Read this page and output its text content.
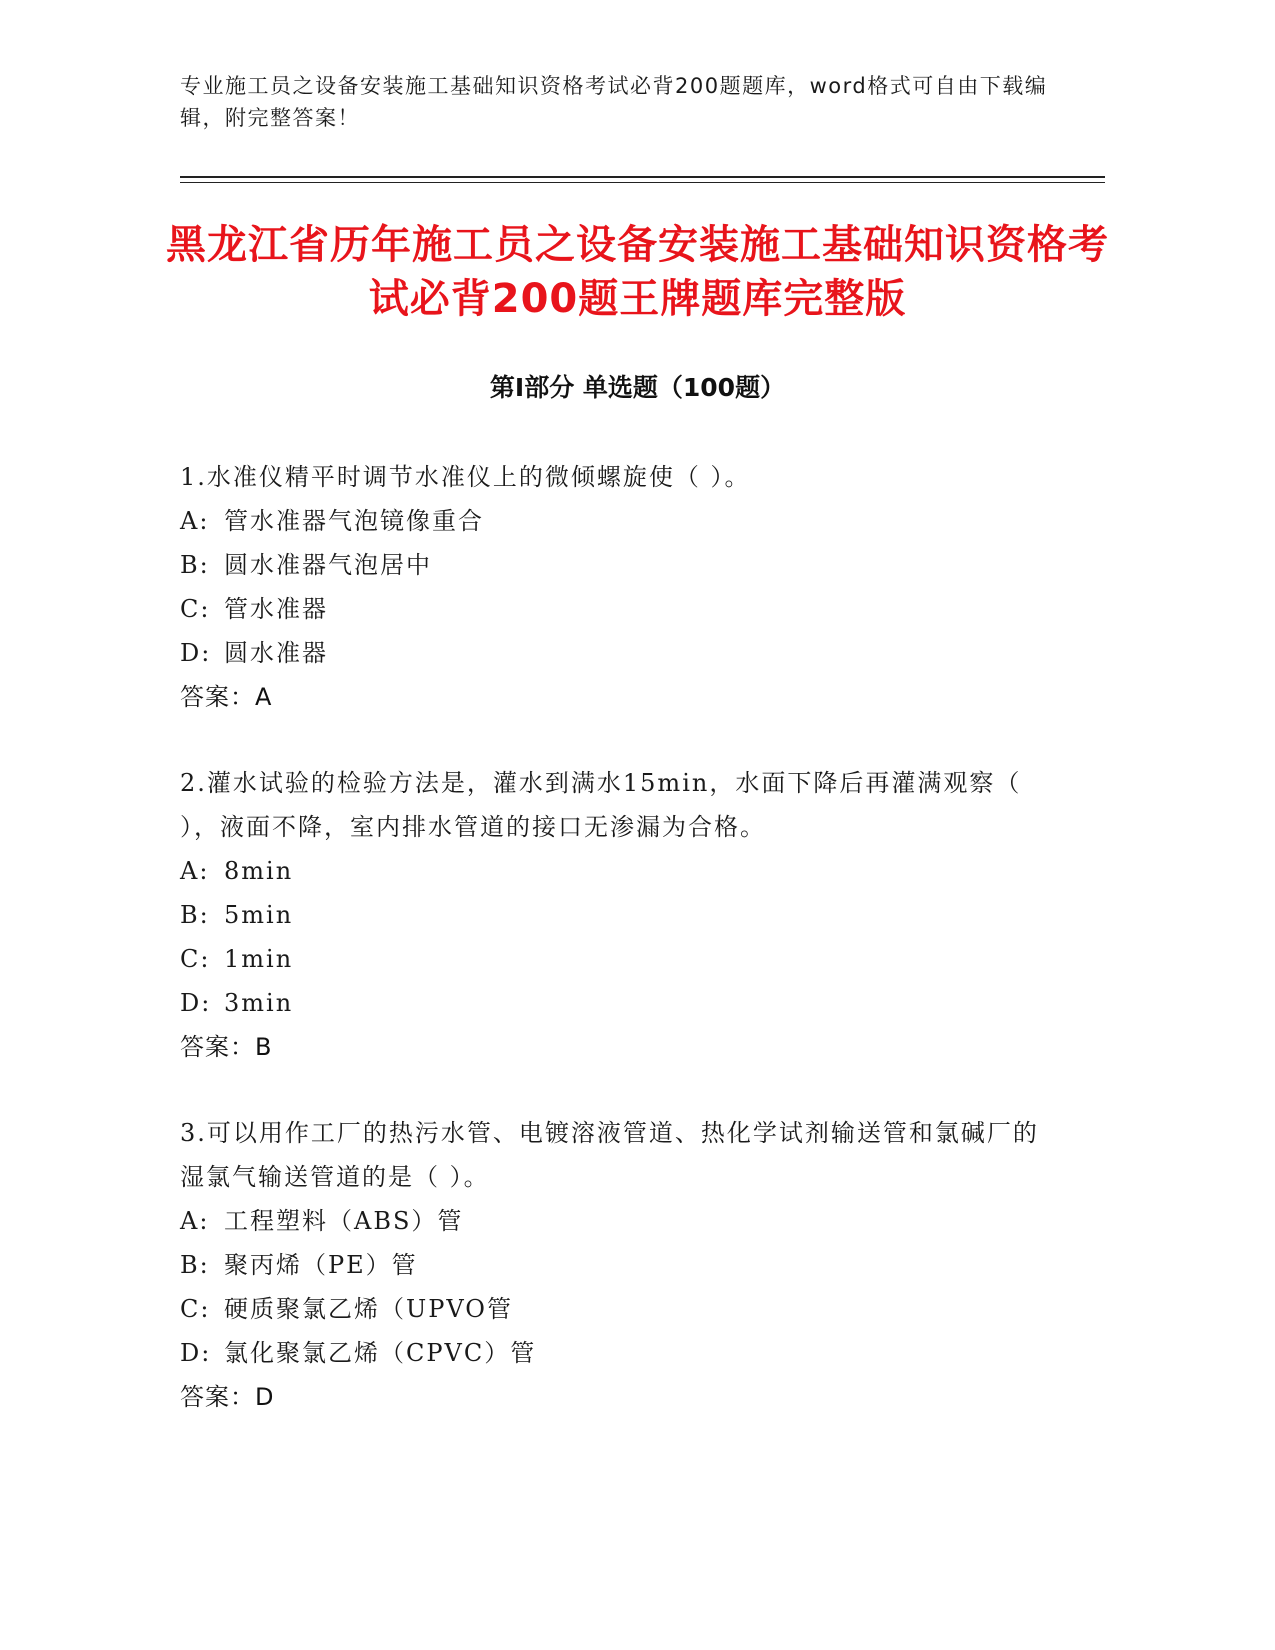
专业施工员之设备安装施工基础知识资格考试必背200题题库，word格式可自由下载编辑，附完整答案！
黑龙江省历年施工员之设备安装施工基础知识资格考试必背200题王牌题库完整版
第Ⅰ部分 单选题（100题）
1.水准仪精平时调节水准仪上的微倾螺旋使（ ）。
A: 管水准器气泡镜像重合
B: 圆水准器气泡居中
C: 管水准器
D: 圆水准器
答案：A
2.灌水试验的检验方法是，灌水到满水15min，水面下降后再灌满观察（ ），液面不降，室内排水管道的接口无渗漏为合格。
A: 8min
B: 5min
C: 1min
D: 3min
答案：B
3.可以用作工厂的热污水管、电镀溶液管道、热化学试剂输送管和氯碱厂的湿氯气输送管道的是（ ）。
A: 工程塑料（ABS）管
B: 聚丙烯（PE）管
C: 硬质聚氯乙烯（UPVO管
D: 氯化聚氯乙烯（CPVC）管
答案：D
